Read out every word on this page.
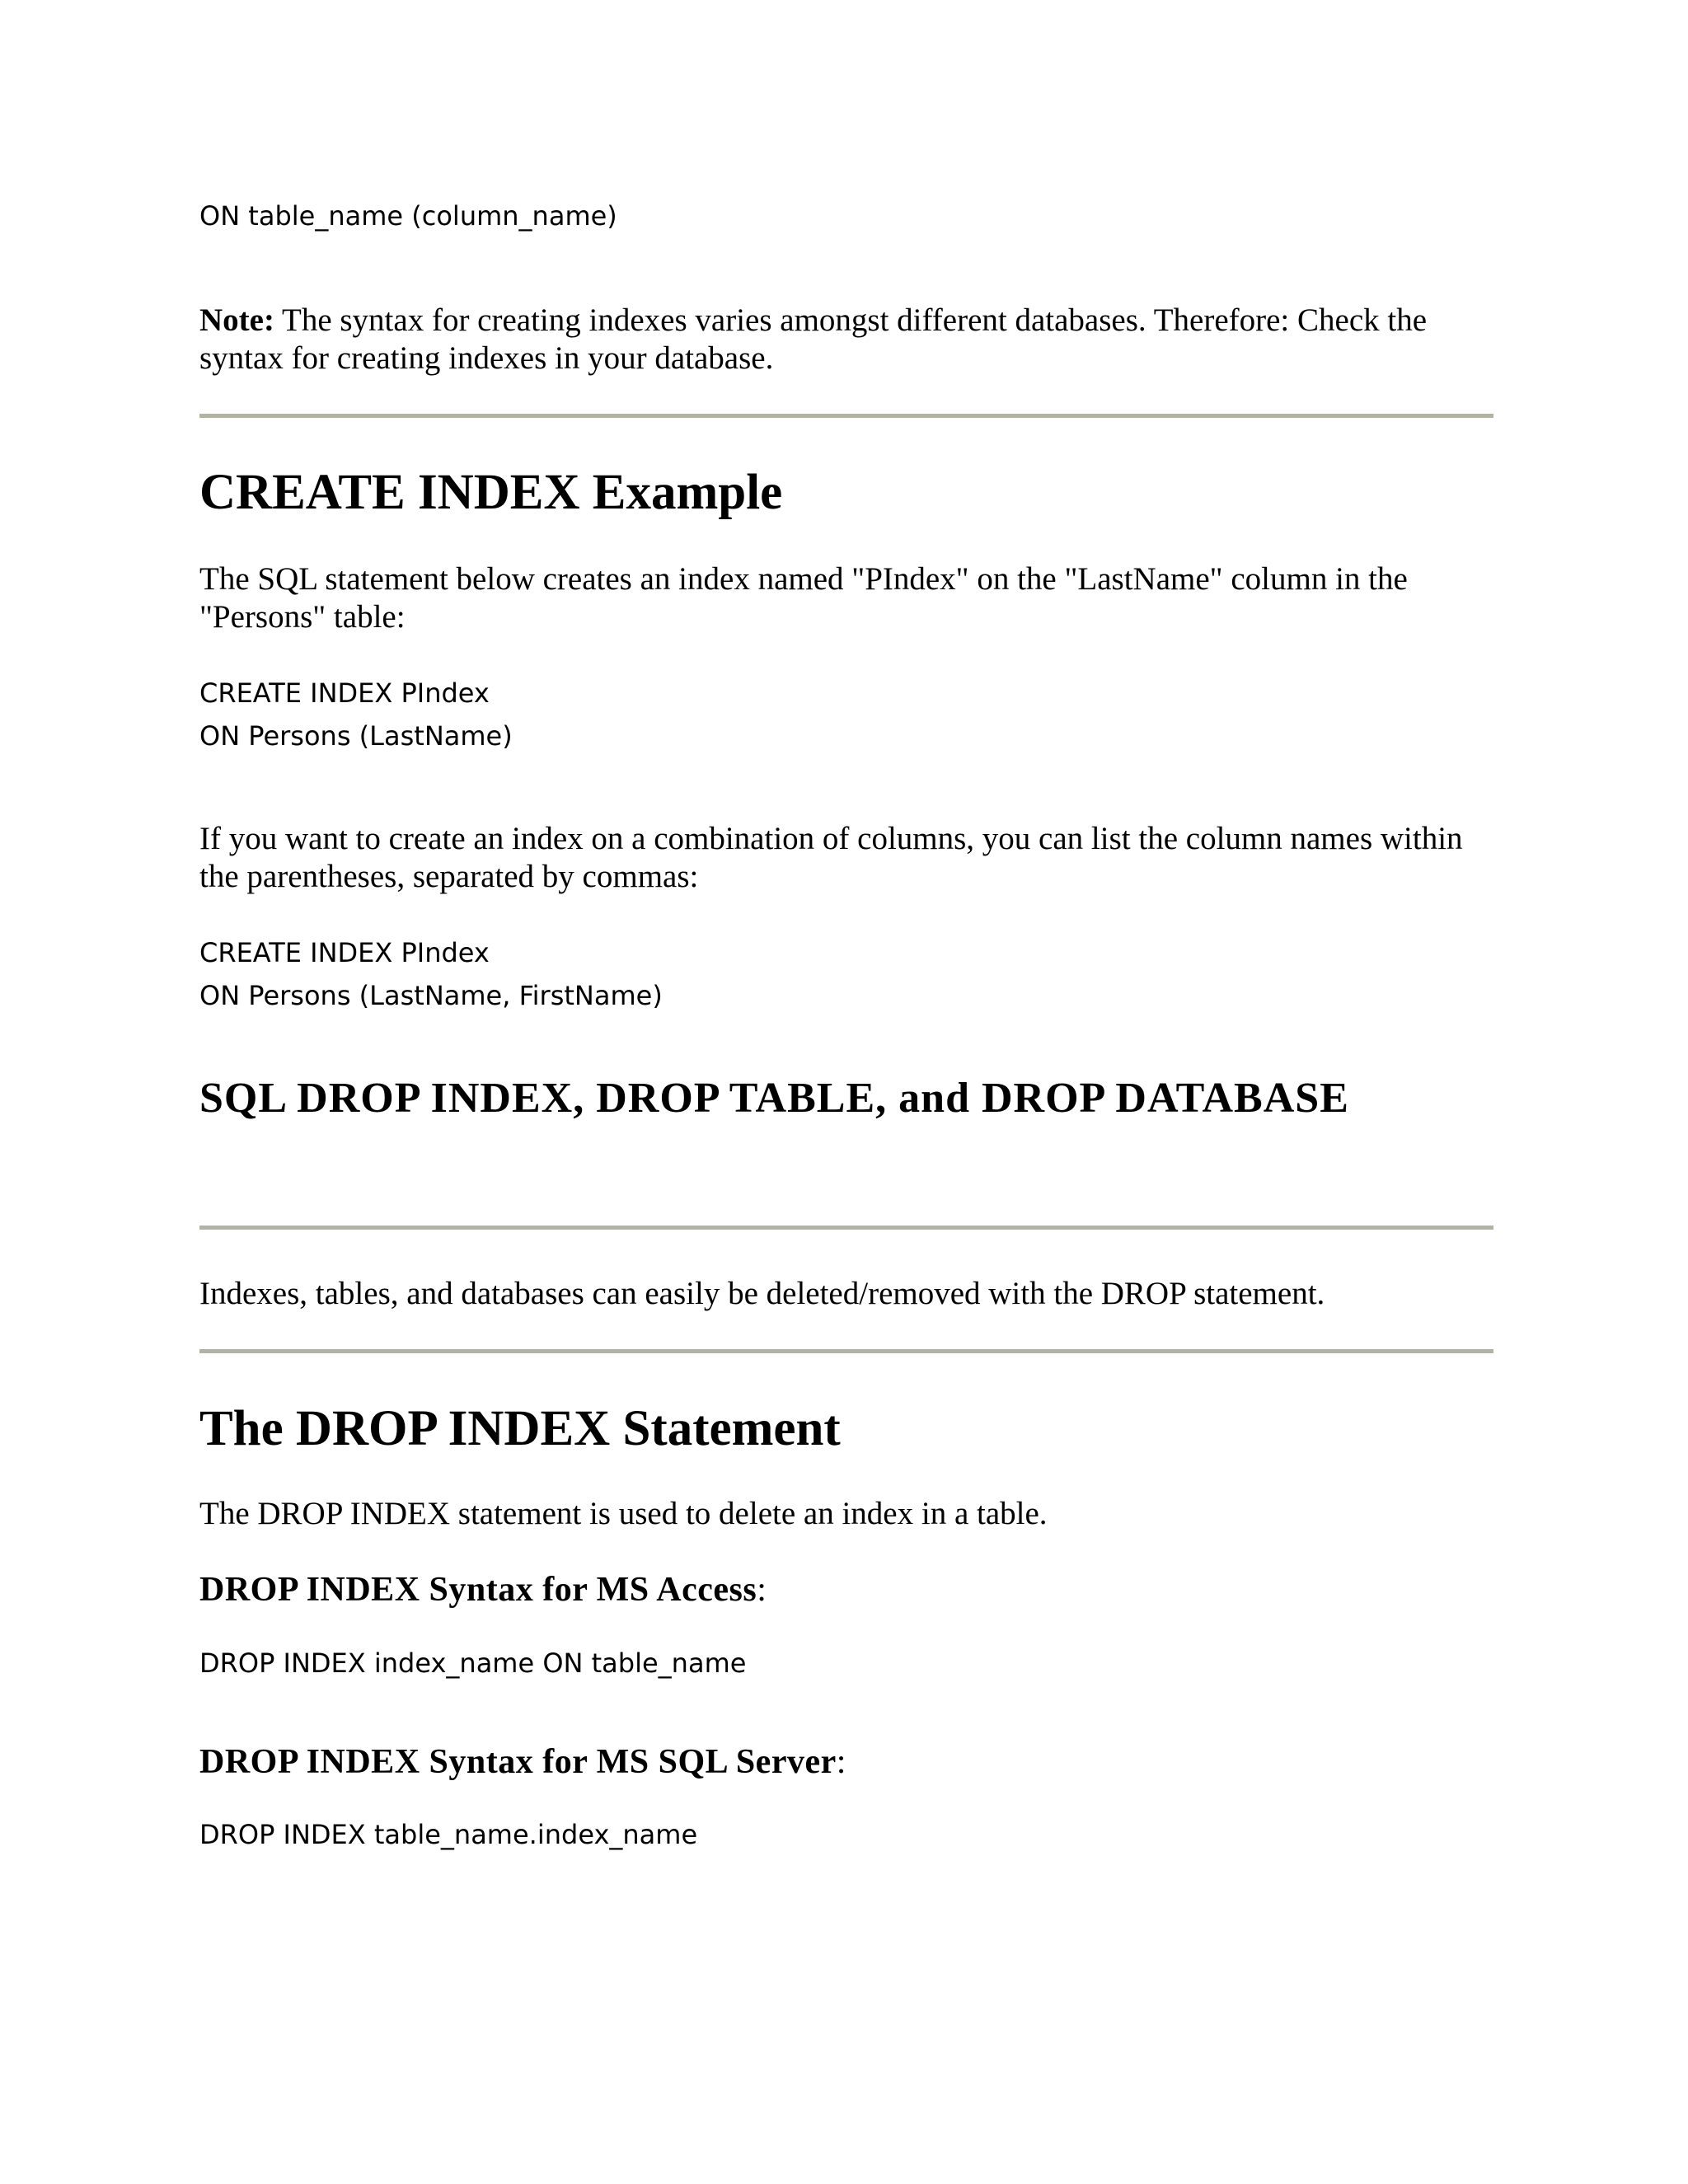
ON table_name (column_name)

Note: The syntax for creating indexes varies amongst different databases. Therefore: Check the syntax for creating indexes in your database.

CREATE INDEX Example

The SQL statement below creates an index named "PIndex" on the "LastName" column in the "Persons" table:

CREATE INDEX PIndex

ON Persons (LastName)

If you want to create an index on a combination of columns, you can list the column names within the parentheses, separated by commas:

CREATE INDEX PIndex

ON Persons (LastName, FirstName)

SQL DROP INDEX, DROP TABLE, and DROP DATABASE

Indexes, tables, and databases can easily be deleted/removed with the DROP statement.

The DROP INDEX Statement

The DROP INDEX statement is used to delete an index in a table.

DROP INDEX Syntax for MS Access:

DROP INDEX index_name ON table_name

DROP INDEX Syntax for MS SQL Server:

DROP INDEX table_name.index_name
